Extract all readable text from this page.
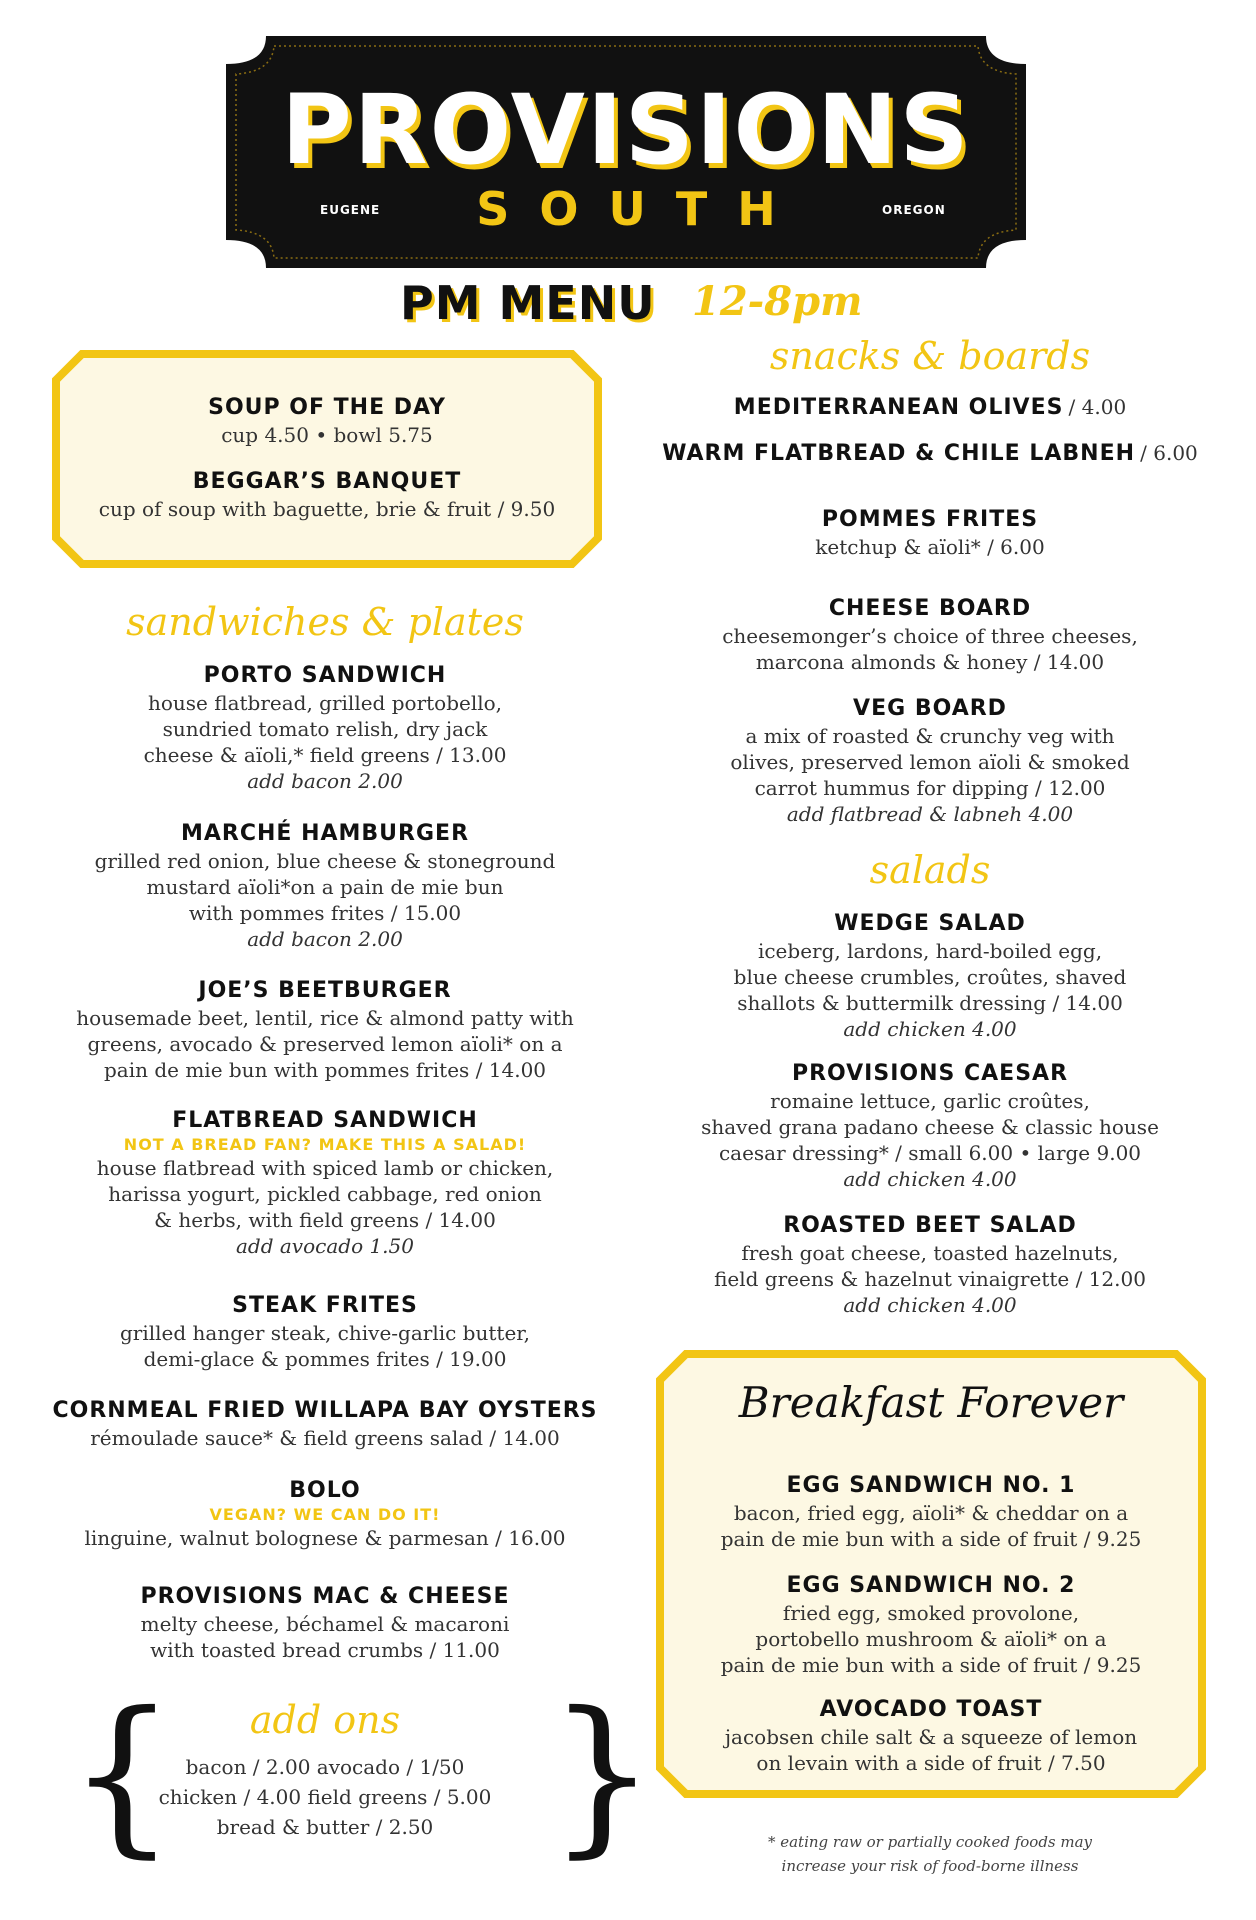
PROVISIONS
EUGENE	SOUTH	OREGON
PM MENU 12-8pm
SOUP OF THE DAY
cup 4.50 • bowl 5.75
BEGGAR’S BANQUET
cup of soup with baguette, brie & fruit / 9.50
sandwiches & plates
PORTO SANDWICH
house flatbread, grilled portobello,
sundried tomato relish, dry jack
cheese & aïoli,* field greens / 13.00
add bacon 2.00
MARCHÉ HAMBURGER
grilled red onion, blue cheese & stoneground
mustard aïoli*on a pain de mie bun
with pommes frites / 15.00
add bacon 2.00
JOE’S BEETBURGER
housemade beet, lentil, rice & almond patty with
greens, avocado & preserved lemon aïoli* on a
pain de mie bun with pommes frites / 14.00
FLATBREAD SANDWICH
NOT A BREAD FAN? MAKE THIS A SALAD!
house flatbread with spiced lamb or chicken,
harissa yogurt, pickled cabbage, red onion
& herbs, with field greens / 14.00
add avocado 1.50
STEAK FRITES
grilled hanger steak, chive-garlic butter,
demi-glace & pommes frites / 19.00
CORNMEAL FRIED WILLAPA BAY OYSTERS
rémoulade sauce* & field greens salad / 14.00
BOLO
VEGAN? WE CAN DO IT!
linguine, walnut bolognese & parmesan / 16.00
PROVISIONS MAC & CHEESE
melty cheese, béchamel & macaroni
with toasted bread crumbs / 11.00
{ }
add ons
bacon / 2.00 avocado / 1/50
chicken / 4.00 field greens / 5.00
bread & butter / 2.50
snacks & boards
MEDITERRANEAN OLIVES / 4.00
WARM FLATBREAD & CHILE LABNEH / 6.00
POMMES FRITES
ketchup & aïoli* / 6.00
CHEESE BOARD
cheesemonger’s choice of three cheeses,
marcona almonds & honey / 14.00
VEG BOARD
a mix of roasted & crunchy veg with
olives, preserved lemon aïoli & smoked
carrot hummus for dipping / 12.00
add flatbread & labneh 4.00
salads
WEDGE SALAD
iceberg, lardons, hard-boiled egg,
blue cheese crumbles, croûtes, shaved
shallots & buttermilk dressing / 14.00
add chicken 4.00
PROVISIONS CAESAR
romaine lettuce, garlic croûtes,
shaved grana padano cheese & classic house
caesar dressing* / small 6.00 • large 9.00
add chicken 4.00
ROASTED BEET SALAD
fresh goat cheese, toasted hazelnuts,
field greens & hazelnut vinaigrette / 12.00
add chicken 4.00
Breakfast Forever
EGG SANDWICH NO. 1
bacon, fried egg, aïoli* & cheddar on a
pain de mie bun with a side of fruit / 9.25
EGG SANDWICH NO. 2
fried egg, smoked provolone,
portobello mushroom & aïoli* on a
pain de mie bun with a side of fruit / 9.25
AVOCADO TOAST
jacobsen chile salt & a squeeze of lemon
on levain with a side of fruit / 7.50
* eating raw or partially cooked foods may
increase your risk of food-borne illness
